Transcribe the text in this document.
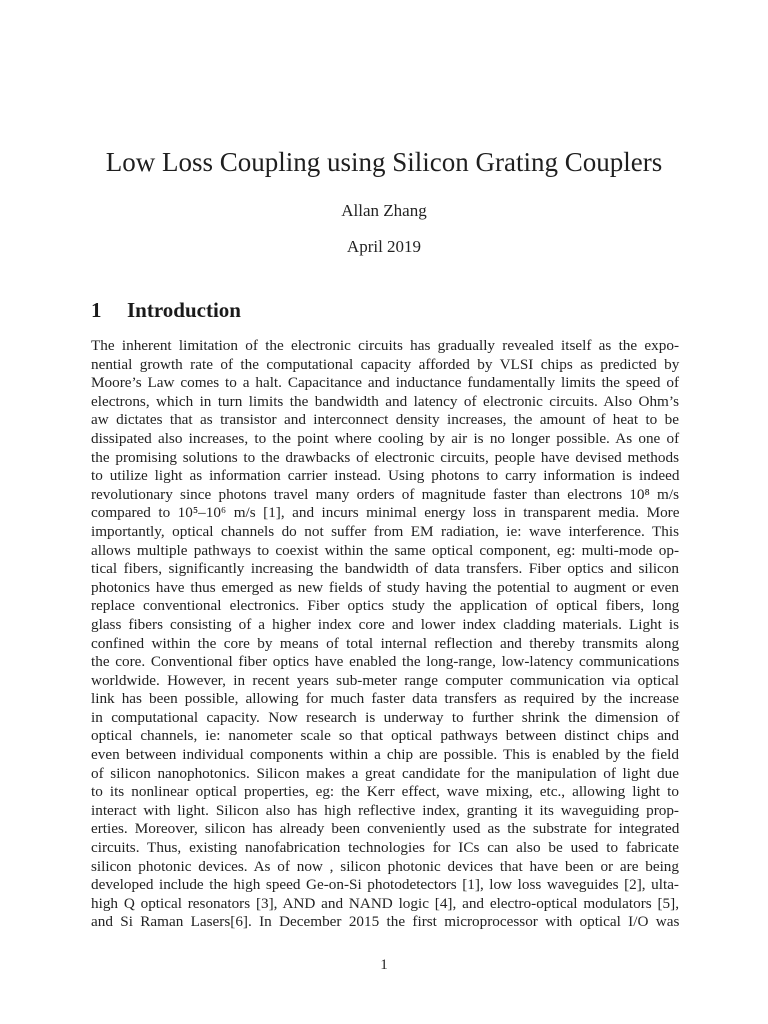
Low Loss Coupling using Silicon Grating Couplers
Allan Zhang
April 2019
1 Introduction
The inherent limitation of the electronic circuits has gradually revealed itself as the expo-
nential growth rate of the computational capacity afforded by VLSI chips as predicted by
Moore’s Law comes to a halt. Capacitance and inductance fundamentally limits the speed of
electrons, which in turn limits the bandwidth and latency of electronic circuits. Also Ohm’s
aw dictates that as transistor and interconnect density increases, the amount of heat to be
dissipated also increases, to the point where cooling by air is no longer possible. As one of
the promising solutions to the drawbacks of electronic circuits, people have devised methods
to utilize light as information carrier instead. Using photons to carry information is indeed
revolutionary since photons travel many orders of magnitude faster than electrons 10⁸ m/s
compared to 10⁵–10⁶ m/s [1], and incurs minimal energy loss in transparent media. More
importantly, optical channels do not suffer from EM radiation, ie: wave interference. This
allows multiple pathways to coexist within the same optical component, eg: multi-mode op-
tical fibers, significantly increasing the bandwidth of data transfers. Fiber optics and silicon
photonics have thus emerged as new fields of study having the potential to augment or even
replace conventional electronics. Fiber optics study the application of optical fibers, long
glass fibers consisting of a higher index core and lower index cladding materials. Light is
confined within the core by means of total internal reflection and thereby transmits along
the core. Conventional fiber optics have enabled the long-range, low-latency communications
worldwide. However, in recent years sub-meter range computer communication via optical
link has been possible, allowing for much faster data transfers as required by the increase
in computational capacity. Now research is underway to further shrink the dimension of
optical channels, ie: nanometer scale so that optical pathways between distinct chips and
even between individual components within a chip are possible. This is enabled by the field
of silicon nanophotonics. Silicon makes a great candidate for the manipulation of light due
to its nonlinear optical properties, eg: the Kerr effect, wave mixing, etc., allowing light to
interact with light. Silicon also has high reflective index, granting it its waveguiding prop-
erties. Moreover, silicon has already been conveniently used as the substrate for integrated
circuits. Thus, existing nanofabrication technologies for ICs can also be used to fabricate
silicon photonic devices. As of now , silicon photonic devices that have been or are being
developed include the high speed Ge-on-Si photodetectors [1], low loss waveguides [2], ulta-
high Q optical resonators [3], AND and NAND logic [4], and electro-optical modulators [5],
and Si Raman Lasers[6]. In December 2015 the first microprocessor with optical I/O was
1
